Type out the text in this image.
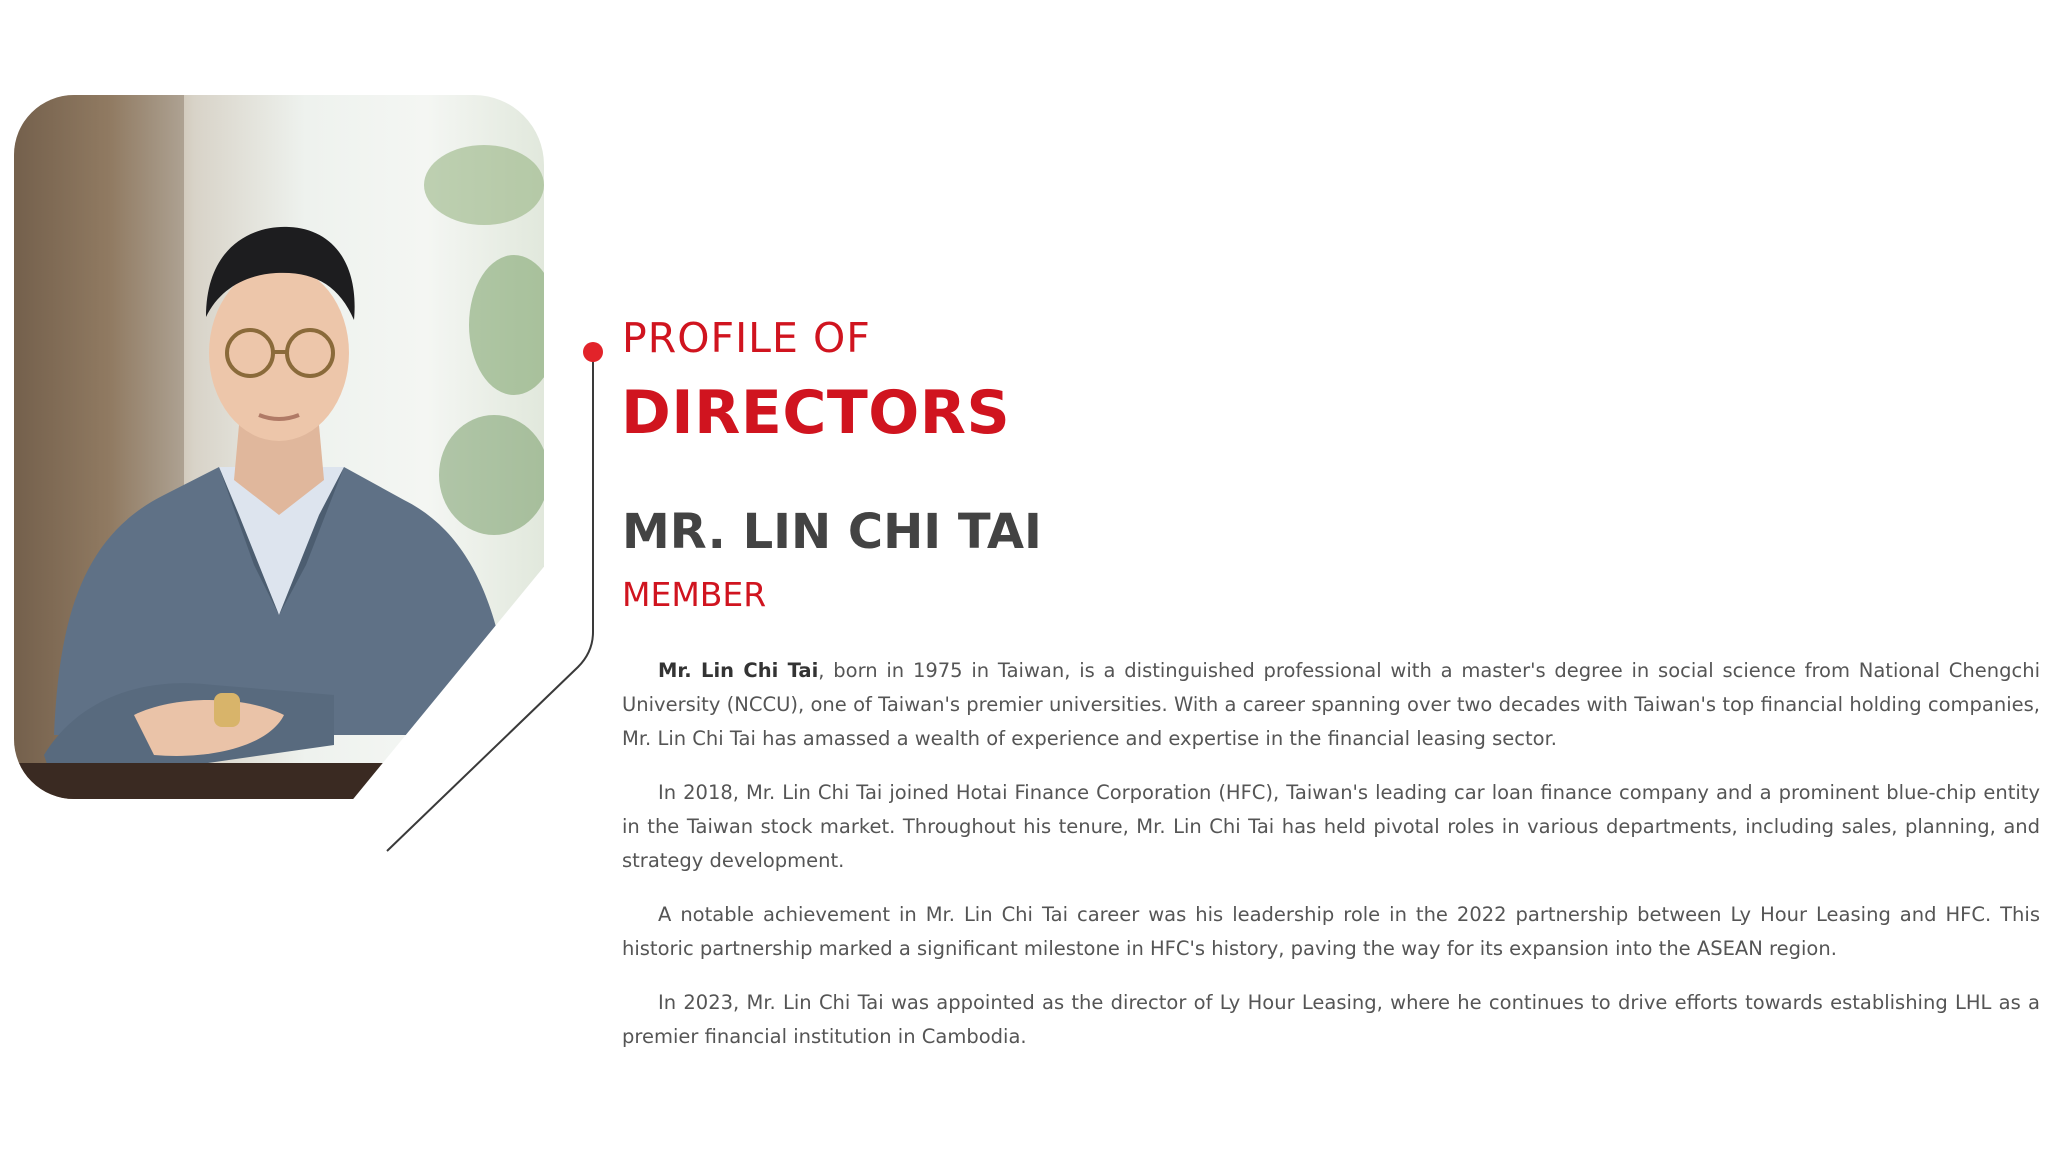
PROFILE OF
DIRECTORS
MR. LIN CHI TAI
MEMBER

Mr. Lin Chi Tai, born in 1975 in Taiwan, is a distinguished professional with a master's degree in social science from National Chengchi University (NCCU), one of Taiwan's premier universities. With a career spanning over two decades with Taiwan's top financial holding companies, Mr. Lin Chi Tai has amassed a wealth of experience and expertise in the financial leasing sector.

In 2018, Mr. Lin Chi Tai joined Hotai Finance Corporation (HFC), Taiwan's leading car loan finance company and a prominent blue-chip entity in the Taiwan stock market. Throughout his tenure, Mr. Lin Chi Tai has held pivotal roles in various departments, including sales, planning, and strategy development.

A notable achievement in Mr. Lin Chi Tai career was his leadership role in the 2022 partnership between Ly Hour Leasing and HFC. This historic partnership marked a significant milestone in HFC's history, paving the way for its expansion into the ASEAN region.

In 2023, Mr. Lin Chi Tai was appointed as the director of Ly Hour Leasing, where he continues to drive efforts towards establishing LHL as a premier financial institution in Cambodia.
